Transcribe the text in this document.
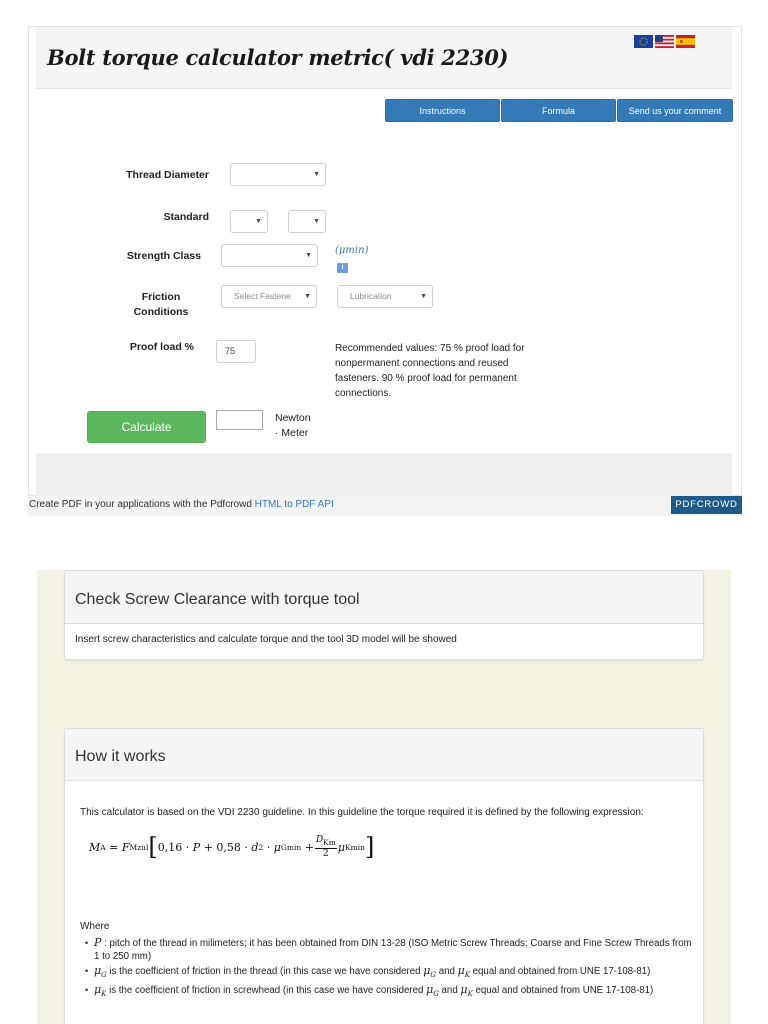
Bolt torque calculator metric( vdi 2230)
Instructions	Formula	Send us your comment
Thread Diameter	▼
Standard	▼	▼
Strength Class	▼ (μmin)
i
Friction Conditions
Select Fastene ▼	Lubrication	▼
Proof load %	75	Recommended values: 75 % proof load for nonpermanent connections and reused fasteners. 90 % proof load for permanent connections.
Calculate
Newton
· Meter
Create PDF in your applications with the Pdfcrowd HTML to PDF API	PDFCROWD
Check Screw Clearance with torque tool
Insert screw characteristics and calculate torque and the tool 3D model will be showed
How it works
This calculator is based on the VDI 2230 guideline. In this guideline the torque required it is defined by the following expression:
M A = F Mzul [ 0,16 · P + 0,58 · d 2 · μ $Gmin + \frac{D_{Km}}{2}$ μ Kmin ]
Where
• P : pitch of the thread in milimeters; it has been obtained from DIN 13-28 (ISO Metric Screw Threads; Coarse and Fine Screw Threads from 1 to 250 mm)
• $\mu_G$ is the coefficient of friction in the thread (in this case we have considered $\mu_G$ and $\mu_K$ equal and obtained from UNE 17-108-81)
• $\mu_K$ is the coefficient of friction in screwhead (in this case we have considered $\mu_G$ and $\mu_K$ equal and obtained from UNE 17-108-81)
